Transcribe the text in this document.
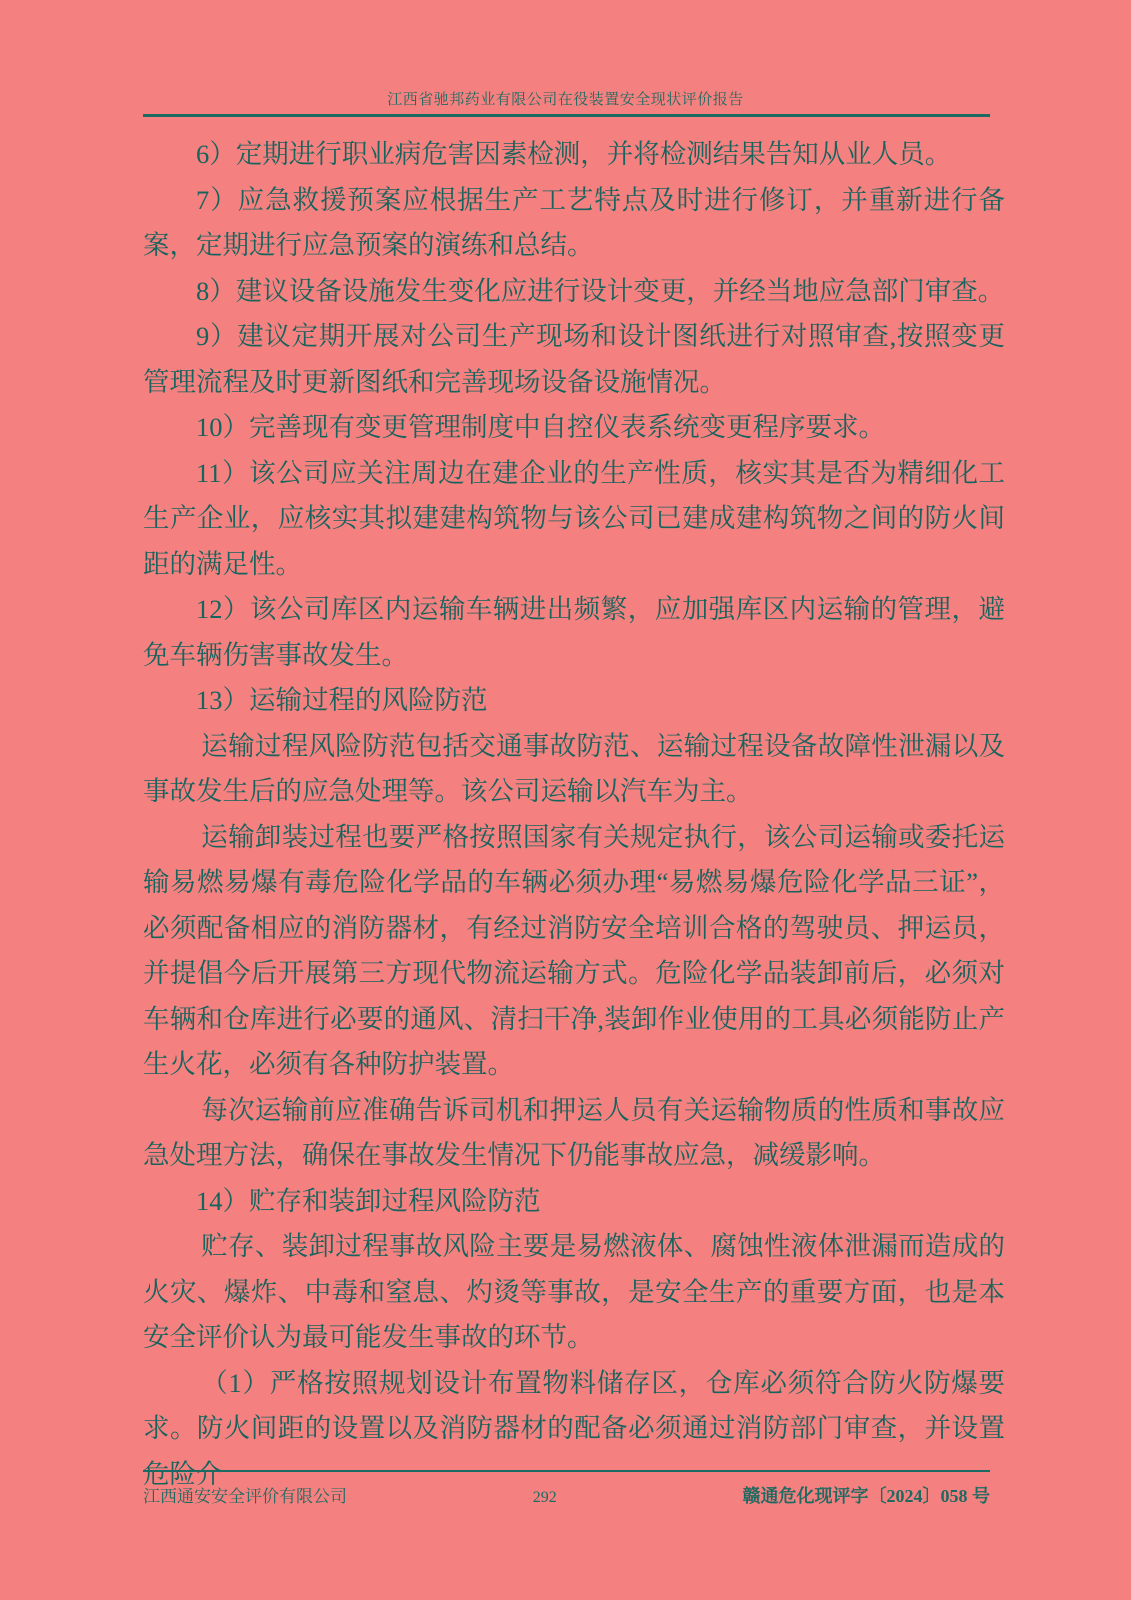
江西省驰邦药业有限公司在役装置安全现状评价报告

6）定期进行职业病危害因素检测，并将检测结果告知从业人员。

7）应急救援预案应根据生产工艺特点及时进行修订，并重新进行备案，定期进行应急预案的演练和总结。

8）建议设备设施发生变化应进行设计变更，并经当地应急部门审查。

9）建议定期开展对公司生产现场和设计图纸进行对照审查,按照变更管理流程及时更新图纸和完善现场设备设施情况。

10）完善现有变更管理制度中自控仪表系统变更程序要求。

11）该公司应关注周边在建企业的生产性质，核实其是否为精细化工生产企业，应核实其拟建建构筑物与该公司已建成建构筑物之间的防火间距的满足性。

12）该公司库区内运输车辆进出频繁，应加强库区内运输的管理，避免车辆伤害事故发生。

13）运输过程的风险防范

运输过程风险防范包括交通事故防范、运输过程设备故障性泄漏以及事故发生后的应急处理等。该公司运输以汽车为主。

运输卸装过程也要严格按照国家有关规定执行，该公司运输或委托运输易燃易爆有毒危险化学品的车辆必须办理“易燃易爆危险化学品三证”，必须配备相应的消防器材，有经过消防安全培训合格的驾驶员、押运员，并提倡今后开展第三方现代物流运输方式。危险化学品装卸前后，必须对车辆和仓库进行必要的通风、清扫干净,装卸作业使用的工具必须能防止产生火花，必须有各种防护装置。

每次运输前应准确告诉司机和押运人员有关运输物质的性质和事故应急处理方法，确保在事故发生情况下仍能事故应急，减缓影响。

14）贮存和装卸过程风险防范

贮存、装卸过程事故风险主要是易燃液体、腐蚀性液体泄漏而造成的火灾、爆炸、中毒和窒息、灼烫等事故，是安全生产的重要方面，也是本安全评价认为最可能发生事故的环节。

（1）严格按照规划设计布置物料储存区，仓库必须符合防火防爆要求。防火间距的设置以及消防器材的配备必须通过消防部门审查，并设置危险介

江西通安安全评价有限公司	292	赣通危化现评字〔2024〕058 号
